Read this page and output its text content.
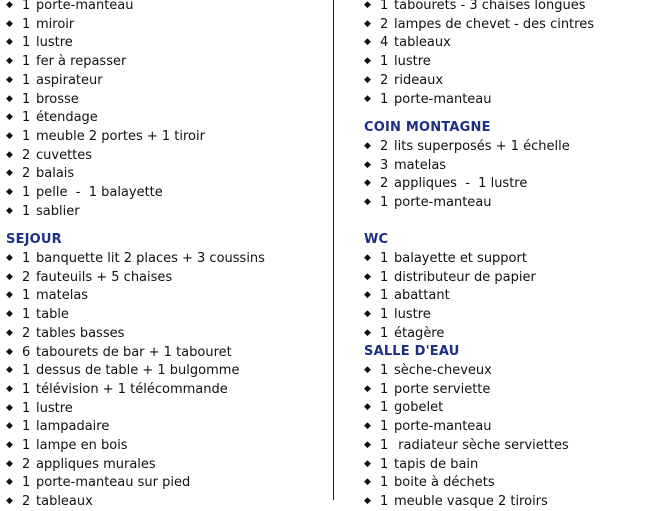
◆ 1 porte-manteau
◆ 1 miroir
◆ 1 lustre
◆ 1 fer à repasser
◆ 1 aspirateur
◆ 1 brosse
◆ 1 étendage
◆ 1 meuble 2 portes + 1 tiroir
◆ 2 cuvettes
◆ 2 balais
◆ 1 pelle  -  1 balayette
◆ 1 sablier
SEJOUR
◆ 1 banquette lit 2 places + 3 coussins
◆ 2 fauteuils + 5 chaises
◆ 1 matelas
◆ 1 table
◆ 2 tables basses
◆ 6 tabourets de bar + 1 tabouret
◆ 1 dessus de table + 1 bulgomme
◆ 1 télévision + 1 télécommande
◆ 1 lustre
◆ 1 lampadaire
◆ 1 lampe en bois
◆ 2 appliques murales
◆ 1 porte-manteau sur pied
◆ 2 tableaux
◆ 1 tabourets - 3 chaises longues
◆ 2 lampes de chevet - des cintres
◆ 4 tableaux
◆ 1 lustre
◆ 2 rideaux
◆ 1 porte-manteau
COIN MONTAGNE
◆ 2 lits superposés + 1 échelle
◆ 3 matelas
◆ 2 appliques  -  1 lustre
◆ 1 porte-manteau
WC
◆ 1 balayette et support
◆ 1 distributeur de papier
◆ 1 abattant
◆ 1 lustre
◆ 1 étagère
SALLE D'EAU
◆ 1 sèche-cheveux
◆ 1 porte serviette
◆ 1 gobelet
◆ 1 porte-manteau
◆ 1 radiateur sèche serviettes
◆ 1 tapis de bain
◆ 1 boite à déchets
◆ 1 meuble vasque 2 tiroirs
